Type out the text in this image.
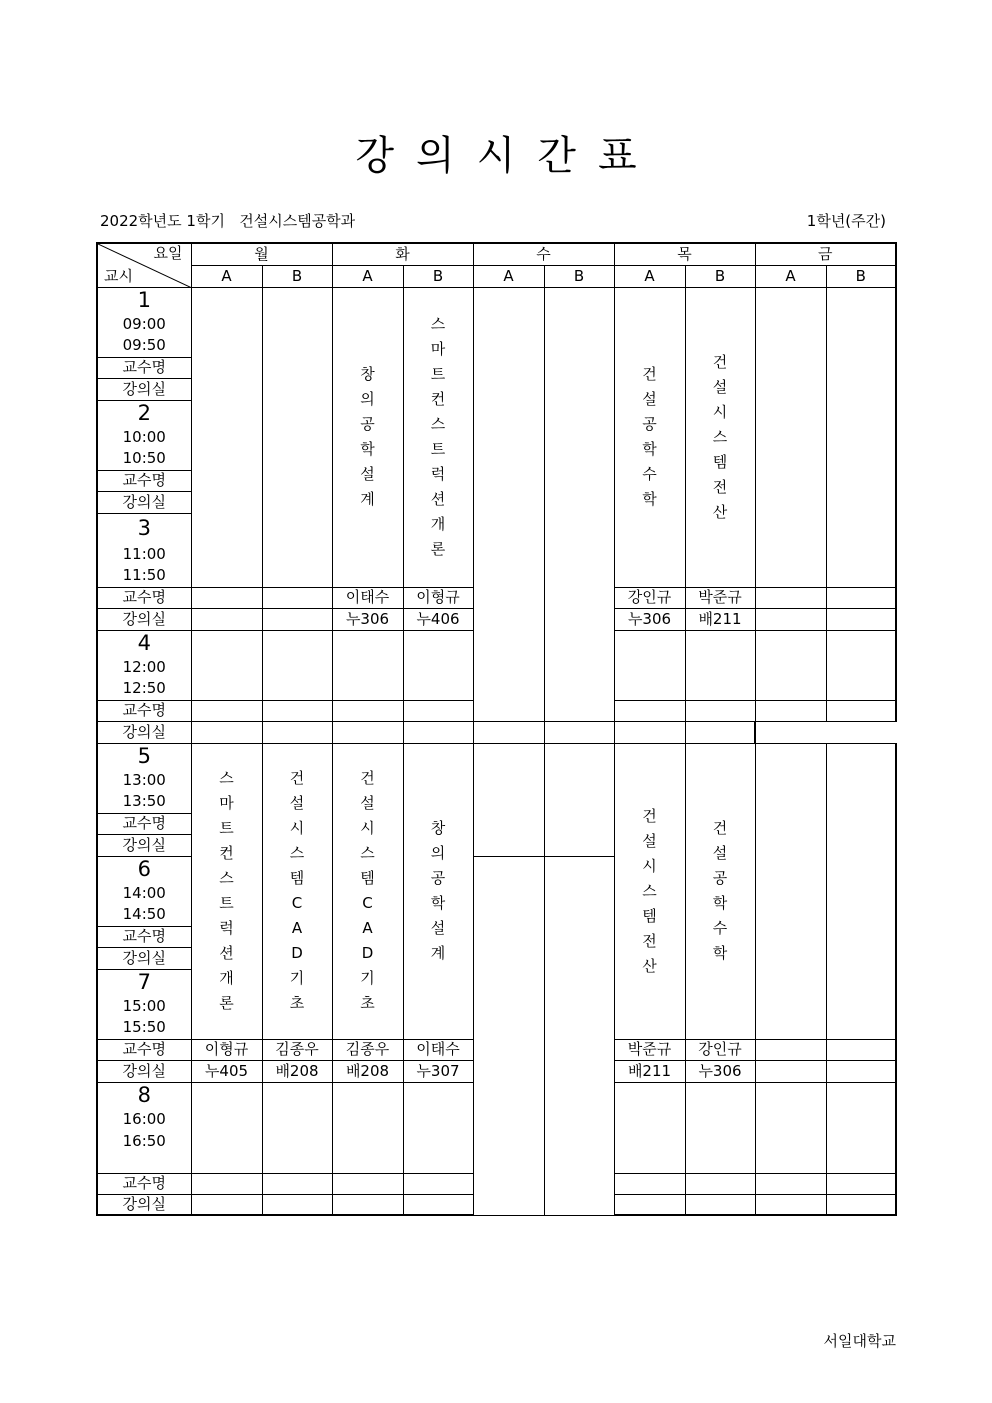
강의시간표
2022학년도 1학기   건설시스템공학과	1학년(주간)
요일
교시	월		화		수		목		금	
	A	B	A	B	A	B	A	B	A	B
1			창의공학설계	스마트컨스트럭션개론			건설공학수학	건설시스템전산		
09:00										
09:50										
교수명										
강의실										
2										
10:00										
10:50										
교수명										
강의실										
3										
11:00										
11:50										
교수명			이태수	이형규			강인규	박준규		
강의실			누306	누406			누306	배211		
4										
12:00										
12:50										
교수명										
강의실										
5	스마트컨스트럭션개론	건설시스템CAD기초	건설시스템CAD기초	창의공학설계			건설시스템전산	건설공학수학		
13:00										
13:50										
교수명										
강의실										
6										
14:00										
14:50										
교수명										
강의실										
7										
15:00										
15:50										
교수명	이형규	김종우	김종우	이태수			박준규	강인규		
강의실	누405	배208	배208	누307			배211	누306		
8										
16:00										
16:50										

교수명										
강의실										
서일대학교
